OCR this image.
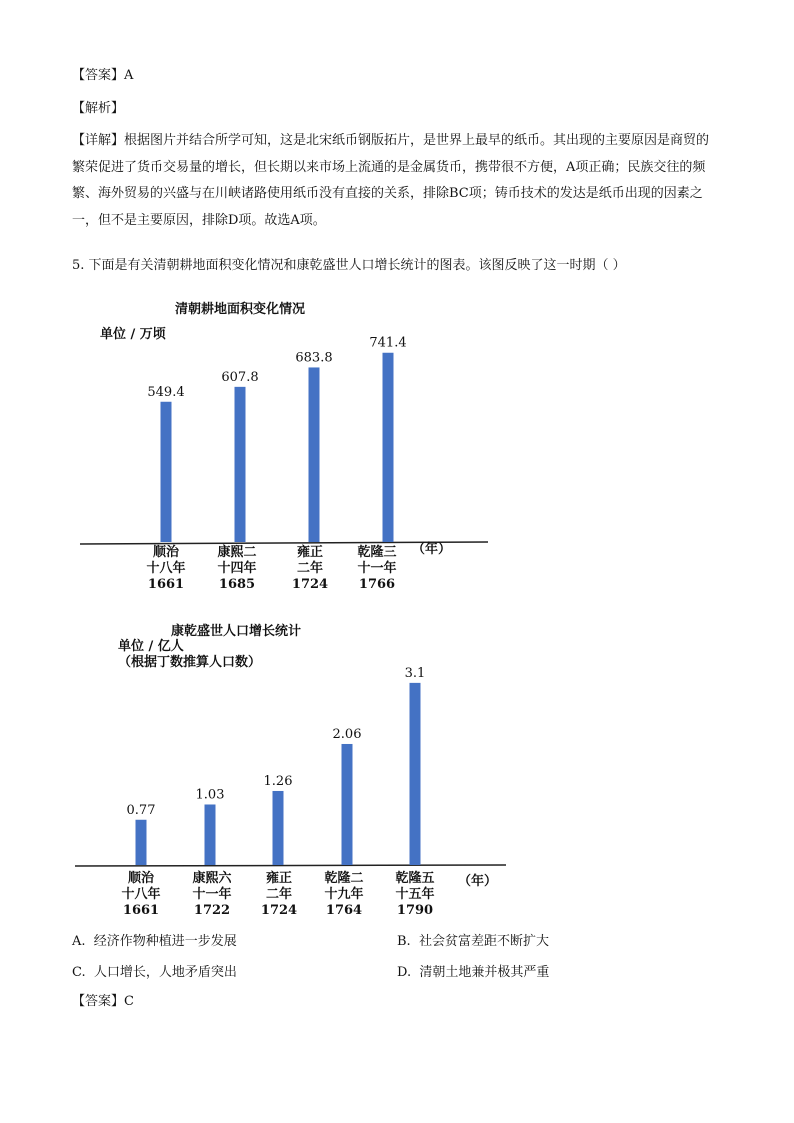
【答案】A
【解析】
【详解】根据图片并结合所学可知，这是北宋纸币钢版拓片，是世界上最早的纸币。其出现的主要原因是商贸的繁荣促进了货币交易量的增长，但长期以来市场上流通的是金属货币，携带很不方便，A项正确；民族交往的频繁、海外贸易的兴盛与在川峡诸路使用纸币没有直接的关系，排除BC项；铸币技术的发达是纸币出现的因素之一，但不是主要原因，排除D项。故选A项。
5. 下面是有关清朝耕地面积变化情况和康乾盛世人口增长统计的图表。该图反映了这一时期（ ）
清朝耕地面积变化情况
单位 / 万顷
（年）
549.4
顺治
十八年
1661
607.8
康熙二
十四年
1685
683.8
雍正
二年
1724
741.4
乾隆三
十一年
1766
康乾盛世人口增长统计
单位 / 亿人
（根据丁数推算人口数）
（年）
0.77
顺治
十八年
1661
1.03
康熙六
十一年
1722
1.26
雍正
二年
1724
2.06
乾隆二
十九年
1764
3.1
乾隆五
十五年
1790
A. 经济作物种植进一步发展	B. 社会贫富差距不断扩大
C. 人口增长，人地矛盾突出	D. 清朝土地兼并极其严重
【答案】C
